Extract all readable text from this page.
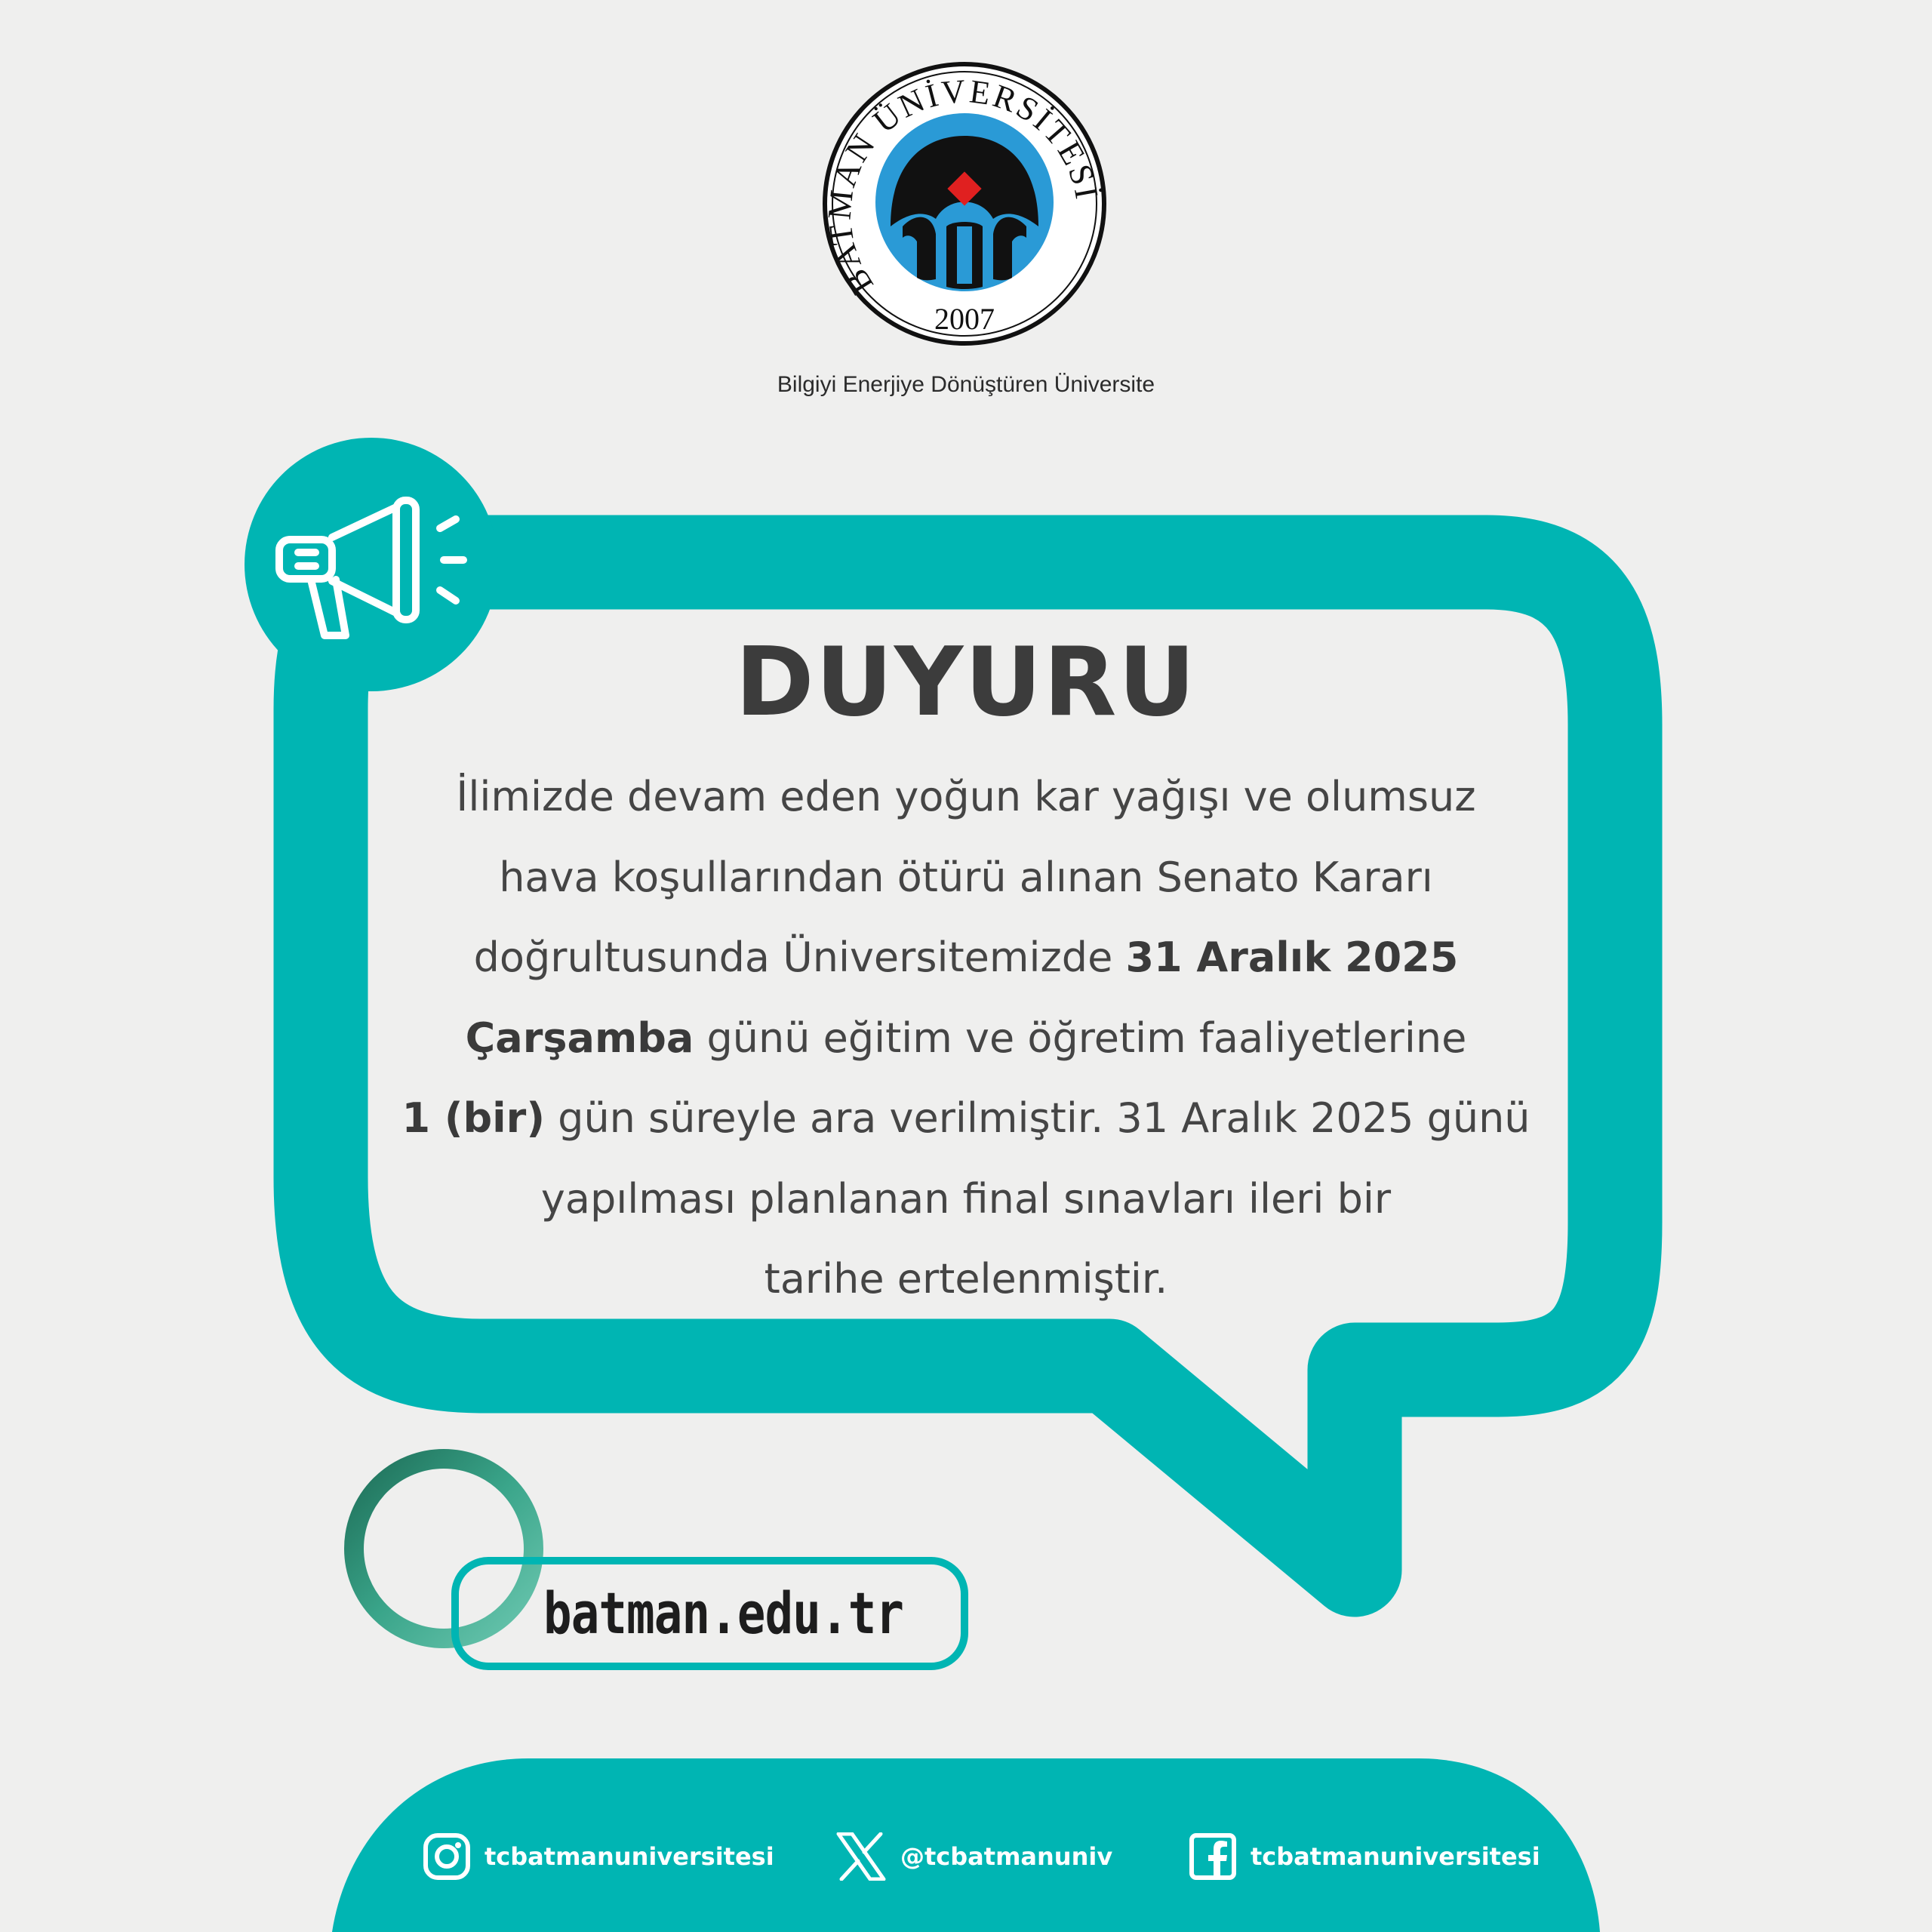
BATMAN ÜNİVERSİTESİ
2007
Bilgiyi Enerjiye Dönüştüren Üniversite
DUYURU
İlimizde devam eden yoğun kar yağışı ve olumsuz
hava koşullarından ötürü alınan Senato Kararı
doğrultusunda Üniversitemizde 31 Aralık 2025
Çarşamba günü eğitim ve öğretim faaliyetlerine
1 (bir) gün süreyle ara verilmiştir. 31 Aralık 2025 günü
yapılması planlanan final sınavları ileri bir
tarihe ertelenmiştir.
batman.edu.tr
tcbatmanuniversitesi	@tcbatmanuniv	tcbatmanuniversitesi
